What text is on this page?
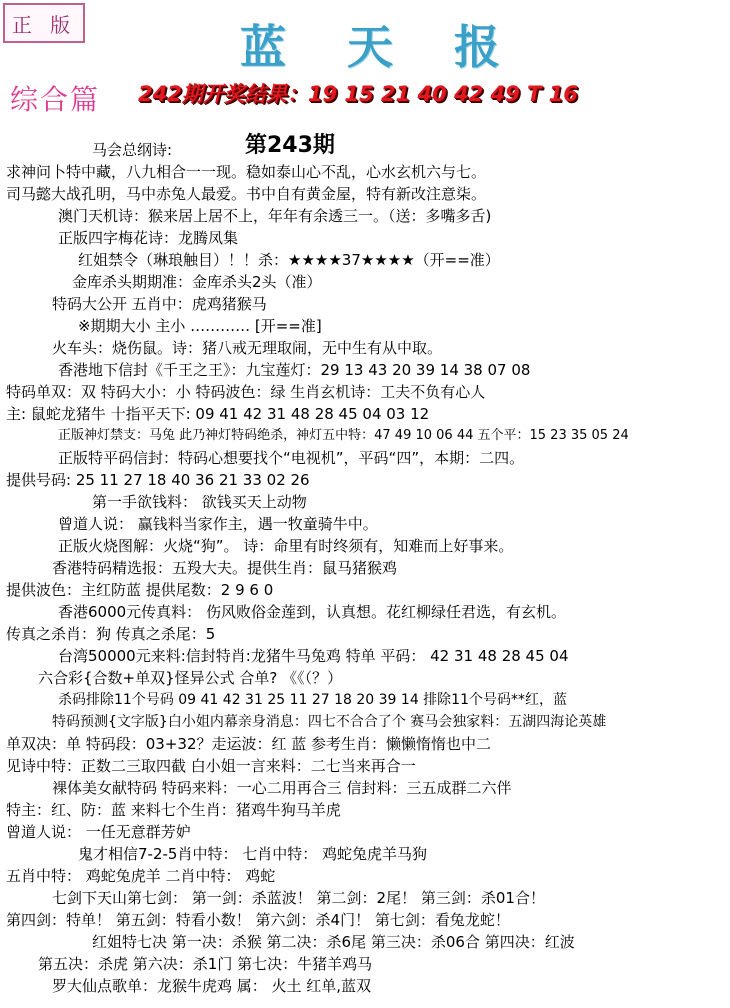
正 版	蓝 天 报
综合篇	242期开奖结果：19 15 21 40 42 49 T 16
第243期
马会总纲诗:
求神问卜特中藏，八九相合一一现。稳如泰山心不乱，心水玄机六与七。
司马懿大战孔明，马中赤兔人最爱。书中自有黄金屋，特有新改注意柒。
澳门天机诗：猴来居上居不上，年年有余透三一。（送：多嘴多舌)
正版四字梅花诗：龙腾凤集
红姐禁令（琳琅触目）！！杀：★★★★37★★★★（开==准）
金库杀头期期准：金库杀头2头（准）
特码大公开 五肖中：虎鸡猪猴马
※期期大小 主小 ………… [开==准]
火车头：烧伤鼠。诗：猪八戒无理取闹，无中生有从中取。
香港地下信封《千王之王》：九宝莲灯：29 13 43 20 39 14 38 07 08
特码单双：双 特码大小：小 特码波色：绿 生肖玄机诗：工夫不负有心人
主: 鼠蛇龙猪牛 十指平天下: 09 41 42 31 48 28 45 04 03 12
正版神灯禁支：马兔 此乃神灯特码绝杀，神灯五中特：47 49 10 06 44 五个平：15 23 35 05 24
正版特平码信封：特码心想要找个“电视机”，平码“四”，本期：二四。
提供号码: 25 11 27 18 40 36 21 33 02 26
第一手欲钱料： 欲钱买天上动物
曾道人说： 赢钱料当家作主，遇一牧童骑牛中。
正版火烧图解：火烧“狗”。 诗：命里有时终须有，知难而上好事来。
香港特码精选报：五羖大夫。提供生肖：鼠马猪猴鸡
提供波色：主红防蓝 提供尾数：2 9 6 0
香港6000元传真料： 伤风败俗金莲到，认真想。花红柳绿任君选，有玄机。
传真之杀肖：狗 传真之杀尾：5
台湾50000元来料:信封特肖:龙猪牛马兔鸡 特单 平码： 42 31 48 28 45 04
六合彩{合数+单双}怪异公式 合单? 《《（？）
杀码排除11个号码 09 41 42 31 25 11 27 18 20 39 14 排除11个号码**红，蓝
特码预测{文字版}白小姐内幕亲身消息：四七不合合了个 赛马会独家料：五湖四海论英雄
单双决：单 特码段：03+32？走运波：红 蓝 参考生肖：懒懒惰惰也中二
见诗中特：正数二三取四截 白小姐一言来料：二七当来再合一
裸体美女献特码 特码来料：一心二用再合三 信封料：三五成群二六伴
特主：红、防：蓝 来料七个生肖：猪鸡牛狗马羊虎
曾道人说： 一任无意群芳妒
鬼才相信7-2-5肖中特： 七肖中特： 鸡蛇兔虎羊马狗
五肖中特： 鸡蛇兔虎羊 二肖中特： 鸡蛇
七剑下天山第七剑： 第一剑：杀蓝波！ 第二剑：2尾！ 第三剑：杀01合！
第四剑：特单！ 第五剑：特看小数！ 第六剑：杀4门！ 第七剑：看兔龙蛇！
红姐特七决 第一决：杀猴 第二决：杀6尾 第三决：杀06合 第四决：红波
第五决：杀虎 第六决：杀1门 第七决：牛猪羊鸡马
罗大仙点歌单：龙猴牛虎鸡 属： 火土 红单,蓝双
